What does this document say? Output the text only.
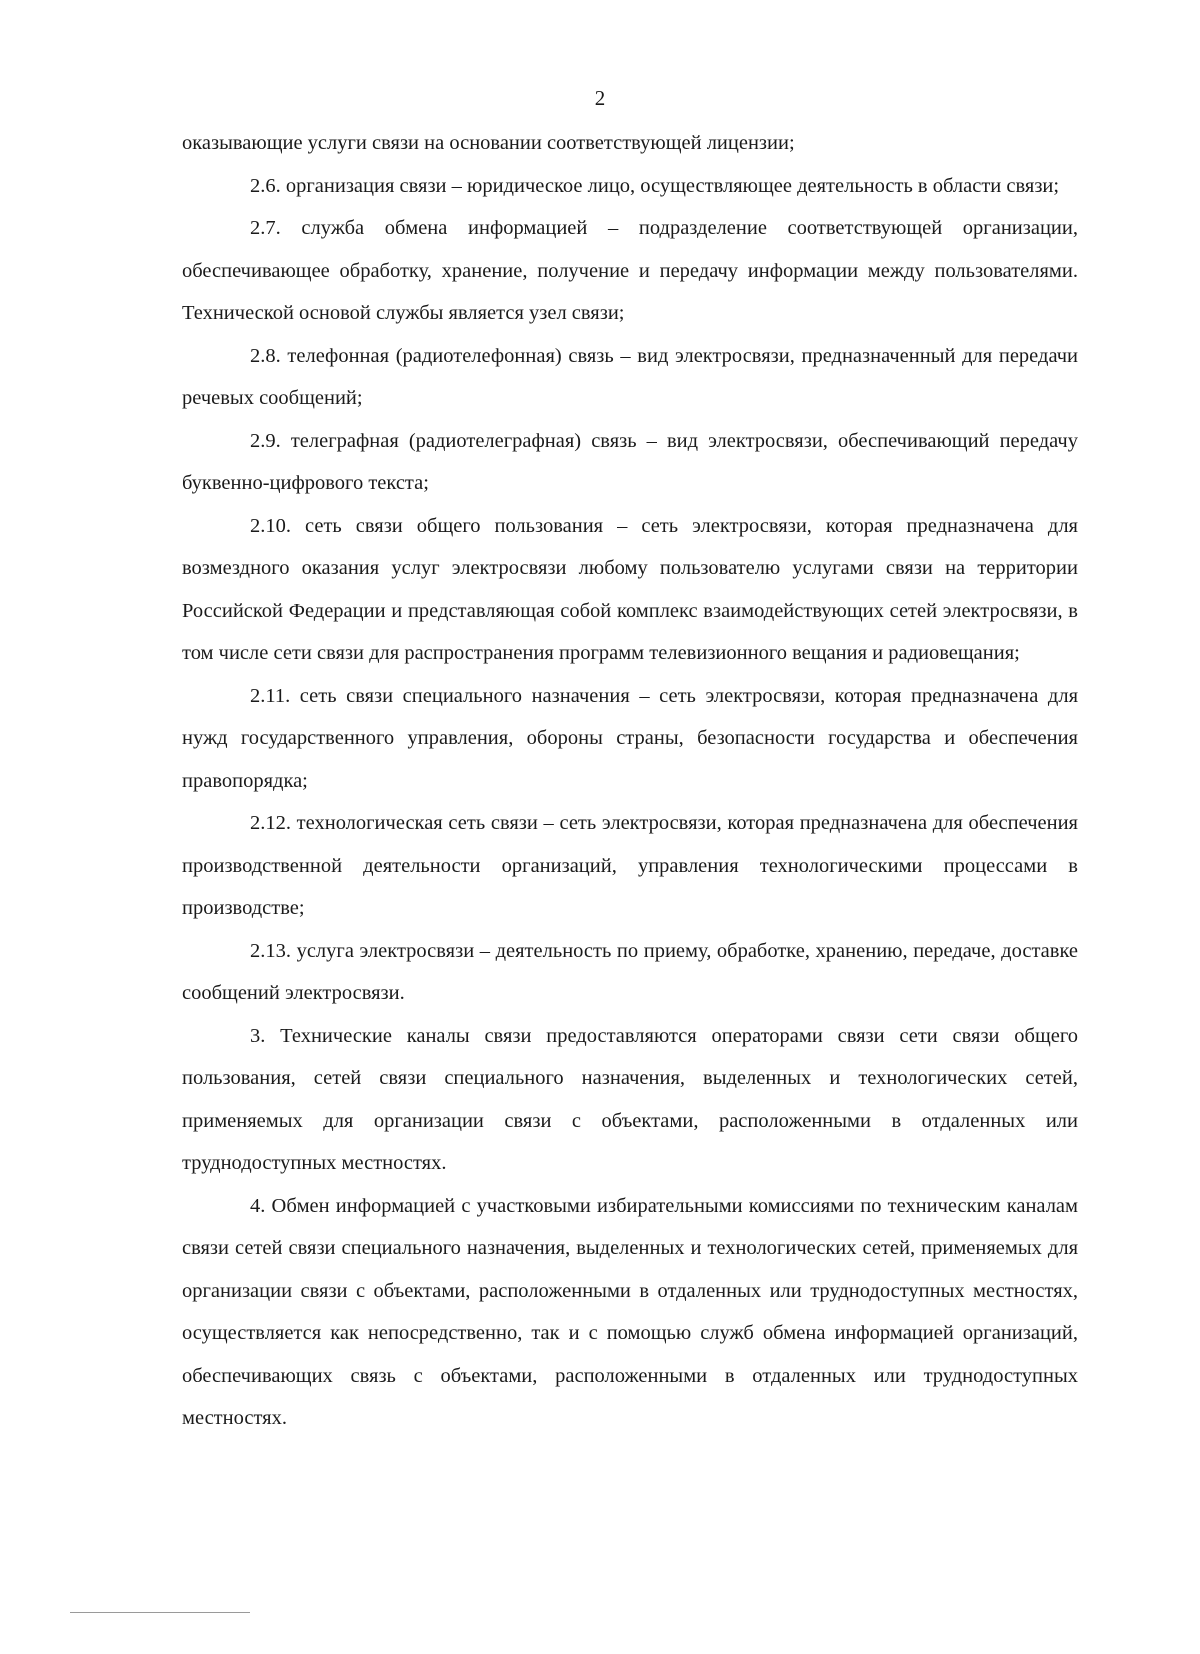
2

оказывающие услуги связи на основании соответствующей лицензии;

2.6. организация связи – юридическое лицо, осуществляющее деятельность в области связи;

2.7. служба обмена информацией – подразделение соответствующей организации, обеспечивающее обработку, хранение, получение и передачу информации между пользователями. Технической основой службы является узел связи;

2.8. телефонная (радиотелефонная) связь – вид электросвязи, предназначенный для передачи речевых сообщений;

2.9. телеграфная (радиотелеграфная) связь – вид электросвязи, обеспечивающий передачу буквенно-цифрового текста;

2.10. сеть связи общего пользования – сеть электросвязи, которая предназначена для возмездного оказания услуг электросвязи любому пользователю услугами связи на территории Российской Федерации и представляющая собой комплекс взаимодействующих сетей электросвязи, в том числе сети связи для распространения программ телевизионного вещания и радиовещания;

2.11. сеть связи специального назначения – сеть электросвязи, которая предназначена для нужд государственного управления, обороны страны, безопасности государства и обеспечения правопорядка;

2.12. технологическая сеть связи – сеть электросвязи, которая предназначена для обеспечения производственной деятельности организаций, управления технологическими процессами в производстве;

2.13. услуга электросвязи – деятельность по приему, обработке, хранению, передаче, доставке сообщений электросвязи.

3. Технические каналы связи предоставляются операторами связи сети связи общего пользования, сетей связи специального назначения, выделенных и технологических сетей, применяемых для организации связи с объектами, расположенными в отдаленных или труднодоступных местностях.

4. Обмен информацией с участковыми избирательными комиссиями по техническим каналам связи сетей связи специального назначения, выделенных и технологических сетей, применяемых для организации связи с объектами, расположенными в отдаленных или труднодоступных местностях, осуществляется как непосредственно, так и с помощью служб обмена информацией организаций, обеспечивающих связь с объектами, расположенными в отдаленных или труднодоступных местностях.
